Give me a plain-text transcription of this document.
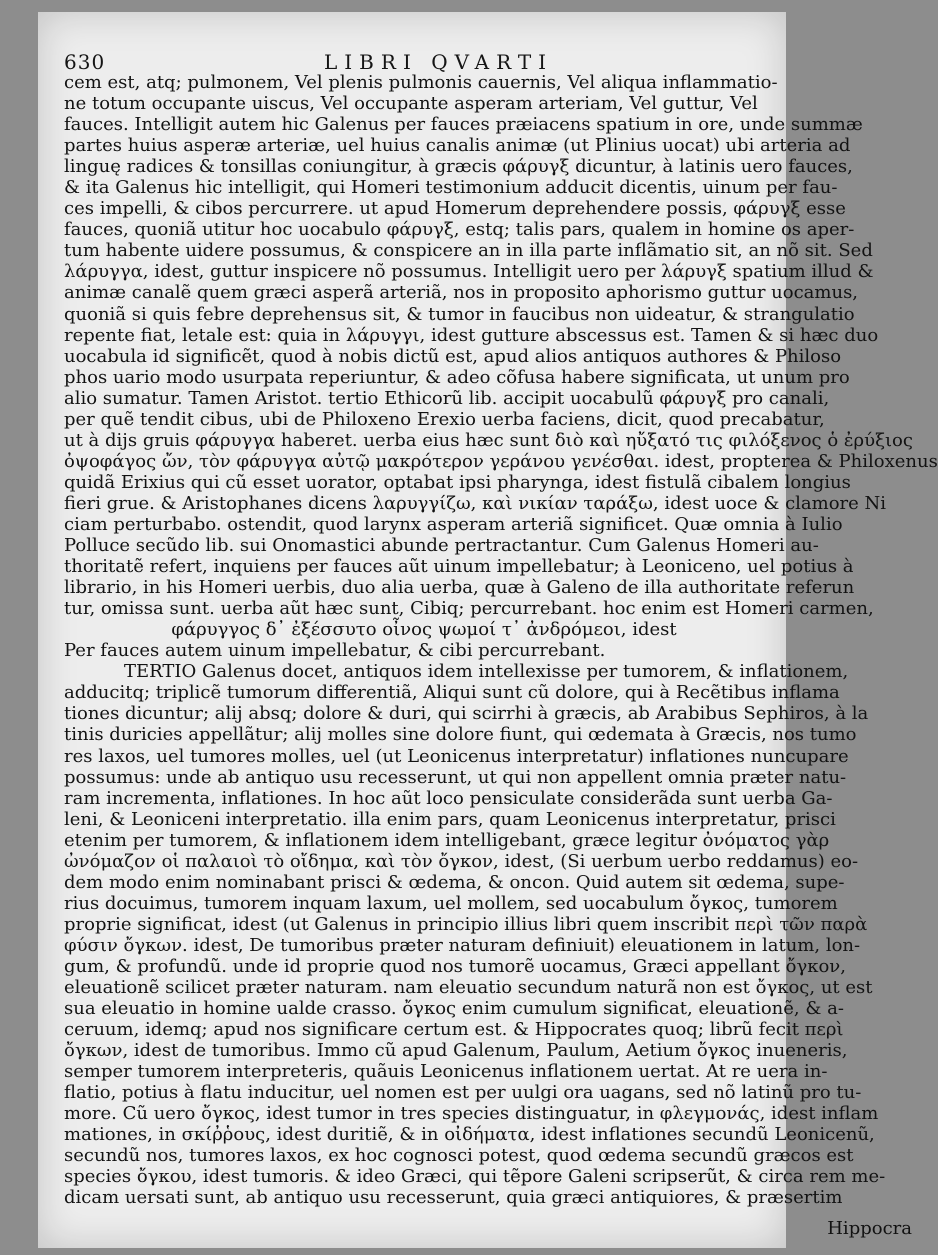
630	LIBRI QVARTI
cem est, atq; pulmonem, Vel plenis pulmonis cauernis, Vel aliqua inflammatio-
ne totum occupante uiscus, Vel occupante asperam arteriam, Vel guttur, Vel
fauces. Intelligit autem hic Galenus per fauces præiacens spatium in ore, unde summæ
partes huius asperæ arteriæ, uel huius canalis animæ (ut Plinius uocat) ubi arteria ad
linguę radices & tonsillas coniungitur, à græcis φάρυγξ dicuntur, à latinis uero fauces,
& ita Galenus hic intelligit, qui Homeri testimonium adducit dicentis, uinum per fau-
ces impelli, & cibos percurrere. ut apud Homerum deprehendere possis, φάρυγξ esse
fauces, quoniã utitur hoc uocabulo φάρυγξ, estq; talis pars, qualem in homine os aper-
tum habente uidere possumus, & conspicere an in illa parte inflãmatio sit, an nõ sit. Sed
λάρυγγα, idest, guttur inspicere nõ possumus. Intelligit uero per λάρυγξ spatium illud &
animæ canalẽ quem græci asperã arteriã, nos in proposito aphorismo guttur uocamus,
quoniã si quis febre deprehensus sit, & tumor in faucibus non uideatur, & strangulatio
repente fiat, letale est: quia in λάρυγγι, idest gutture abscessus est. Tamen & si hæc duo
uocabula id significẽt, quod à nobis dictũ est, apud alios antiquos authores & Philoso
phos uario modo usurpata reperiuntur, & adeo cõfusa habere significata, ut unum pro
alio sumatur. Tamen Aristot. tertio Ethicorũ lib. accipit uocabulũ φάρυγξ pro canali,
per quẽ tendit cibus, ubi de Philoxeno Erexio uerba faciens, dicit, quod precabatur,
ut à dijs gruis φάρυγγα haberet. uerba eius hæc sunt διὸ καὶ ηὔξατό τις φιλόξενος ὁ ἐρύξιος
ὀψοφάγος ὤν, τὸν φάρυγγα αὐτῷ μακρότερον γεράνου γενέσθαι. idest, propterea & Philoxenus
quidã Erixius qui cũ esset uorator, optabat ipsi pharynga, idest fistulã cibalem longius
fieri grue. & Aristophanes dicens λαρυγγίζω, καὶ νικίαν ταράξω, idest uoce & clamore Ni
ciam perturbabo. ostendit, quod larynx asperam arteriã significet. Quæ omnia à Iulio
Polluce secũdo lib. sui Onomastici abunde pertractantur. Cum Galenus Homeri au-
thoritatẽ refert, inquiens per fauces aũt uinum impellebatur; à Leoniceno, uel potius à
librario, in his Homeri uerbis, duo alia uerba, quæ à Galeno de illa authoritate referun
tur, omissa sunt. uerba aũt hæc sunt, Cibiq; percurrebant. hoc enim est Homeri carmen,
φάρυγγος δ᾽ ἐξέσσυτο οἶνος ψωμοί τ᾽ ἀνδρόμεοι, idest
Per fauces autem uinum impellebatur, & cibi percurrebant.
TERTIO Galenus docet, antiquos idem intellexisse per tumorem, & inflationem,
adducitq; triplicẽ tumorum differentiã, Aliqui sunt cũ dolore, qui à Recẽtibus inflama
tiones dicuntur; alij absq; dolore & duri, qui scirrhi à græcis, ab Arabibus Sephiros, à la
tinis duricies appellãtur; alij molles sine dolore fiunt, qui œdemata à Græcis, nos tumo
res laxos, uel tumores molles, uel (ut Leonicenus interpretatur) inflationes nuncupare
possumus: unde ab antiquo usu recesserunt, ut qui non appellent omnia præter natu-
ram incrementa, inflationes. In hoc aũt loco pensiculate considerãda sunt uerba Ga-
leni, & Leoniceni interpretatio. illa enim pars, quam Leonicenus interpretatur, prisci
etenim per tumorem, & inflationem idem intelligebant, græce legitur ὀνόματος γὰρ
ὠνόμαζον οἱ παλαιοὶ τὸ οἴδημα, καὶ τὸν ὄγκον, idest, (Si uerbum uerbo reddamus) eo-
dem modo enim nominabant prisci & œdema, & oncon. Quid autem sit œdema, supe-
rius docuimus, tumorem inquam laxum, uel mollem, sed uocabulum ὄγκος, tumorem
proprie significat, idest (ut Galenus in principio illius libri quem inscribit περὶ τῶν παρὰ
φύσιν ὄγκων. idest, De tumoribus præter naturam definiuit) eleuationem in latum, lon-
gum, & profundũ. unde id proprie quod nos tumorẽ uocamus, Græci appellant ὄγκον,
eleuationẽ scilicet præter naturam. nam eleuatio secundum naturã non est ὄγκος, ut est
sua eleuatio in homine ualde crasso. ὄγκος enim cumulum significat, eleuationẽ, & a-
ceruum, idemq; apud nos significare certum est. & Hippocrates quoq; librũ fecit περὶ
ὄγκων, idest de tumoribus. Immo cũ apud Galenum, Paulum, Aetium ὄγκος inueneris,
semper tumorem interpreteris, quãuis Leonicenus inflationem uertat. At re uera in-
flatio, potius à flatu inducitur, uel nomen est per uulgi ora uagans, sed nõ latinũ pro tu-
more. Cũ uero ὄγκος, idest tumor in tres species distinguatur, in φλεγμονάς, idest inflam
mationes, in σκίῤῥους, idest duritiẽ, & in οἰδήματα, idest inflationes secundũ Leonicenũ,
secundũ nos, tumores laxos, ex hoc cognosci potest, quod œdema secundũ græcos est
species ὄγκου, idest tumoris. & ideo Græci, qui tẽpore Galeni scripserũt, & circa rem me-
dicam uersati sunt, ab antiquo usu recesserunt, quia græci antiquiores, & præsertim
Hippocra
